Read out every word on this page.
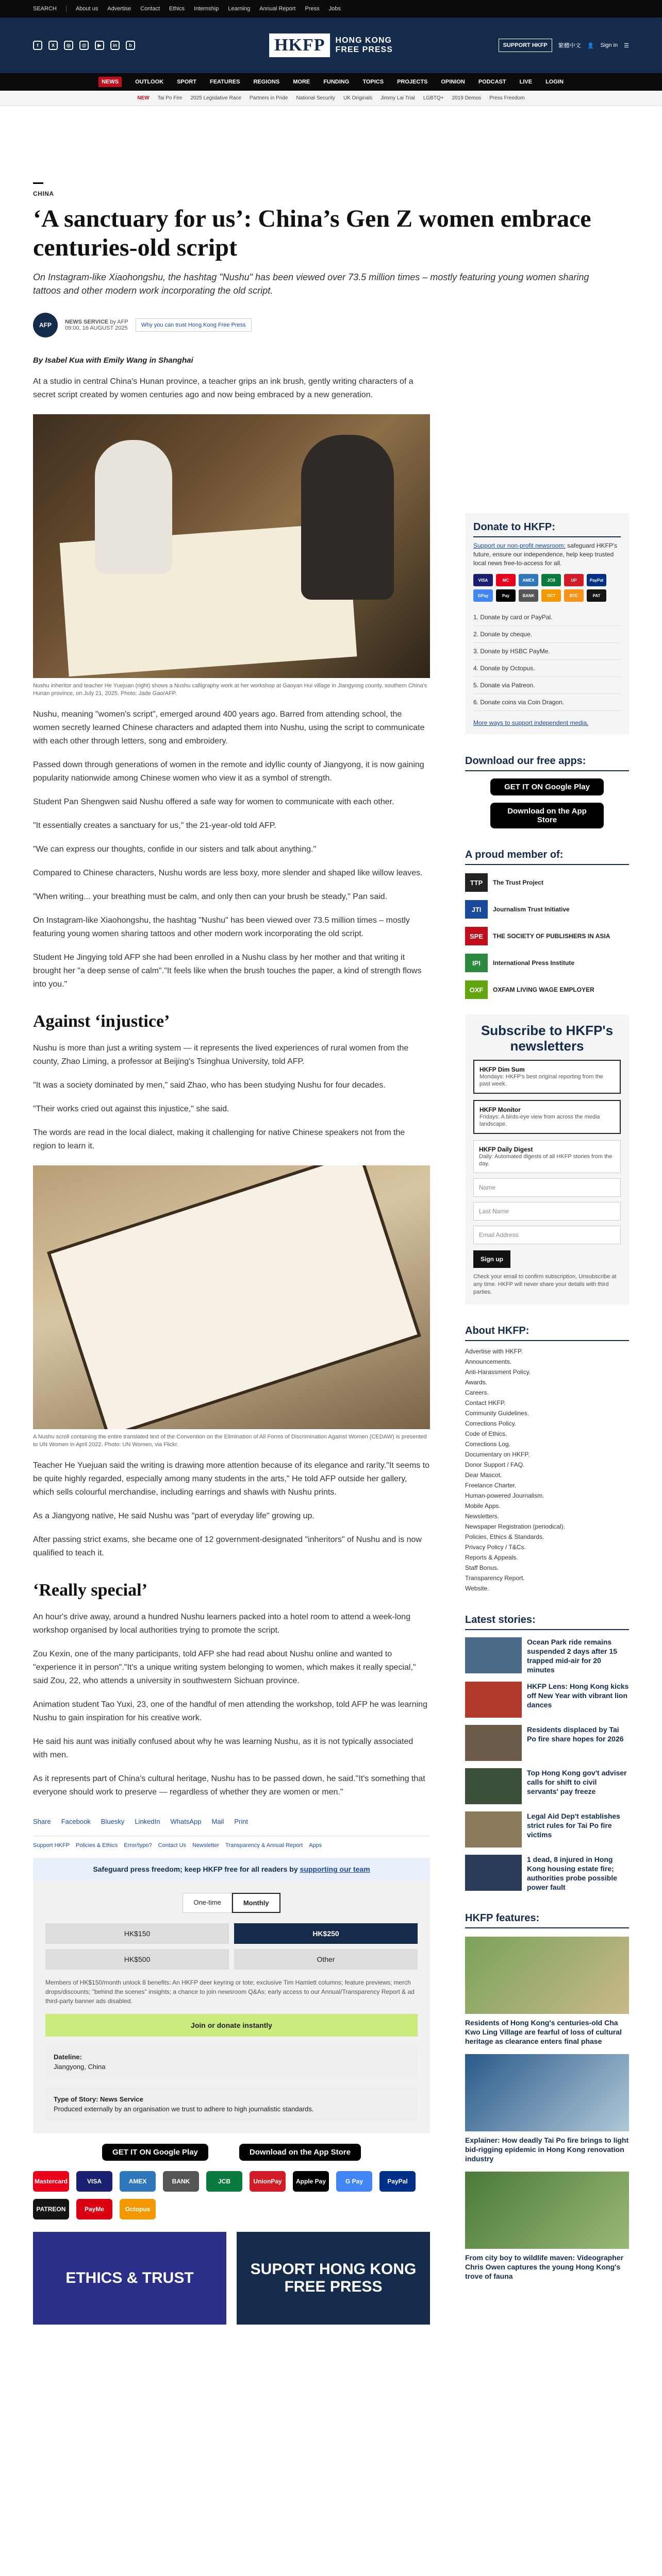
SEARCH	About us Advertise Contact Ethics Internship Learning Annual Report Press Jobs
f	X	◎	@	▶	in	b	HKFP	HONG KONG
FREE PRESS	SUPPORT HKFP	繁體中文 👤 Sign in ☰
NEWS	OUTLOOK SPORT FEATURES REGIONS MORE FUNDING TOPICS PROJECTS OPINION PODCAST LIVE LOGIN
NEW Tai Po Fire 2025 Legislative Race Partners in Pride National Security UK Originals Jimmy Lai Trial LGBTQ+ 2019 Demos Press Freedom
CHINA
‘A sanctuary for us’: China’s Gen Z women embrace centuries-old script
On Instagram-like Xiaohongshu, the hashtag "Nushu" has been viewed over 73.5 million times – mostly featuring young women sharing tattoos and other modern work incorporating the old script.
AFP	NEWS SERVICE by AFP
09:00, 16 AUGUST 2025	Why you can trust Hong Kong Free Press
By Isabel Kua with Emily Wang in Shanghai

At a studio in central China's Hunan province, a teacher grips an ink brush, gently writing characters of a secret script created by women centuries ago and now being embraced by a new generation.

Nushu inheritor and teacher He Yuejuan (right) shows a Nushu calligraphy work at her workshop at Gaoyan Hui village in Jiangyong county, southern China's Hunan province, on July 21, 2025. Photo: Jade Gao/AFP.

Nushu, meaning "women's script", emerged around 400 years ago. Barred from attending school, the women secretly learned Chinese characters and adapted them into Nushu, using the script to communicate with each other through letters, song and embroidery.

Passed down through generations of women in the remote and idyllic county of Jiangyong, it is now gaining popularity nationwide among Chinese women who view it as a symbol of strength.

Student Pan Shengwen said Nushu offered a safe way for women to communicate with each other.

"It essentially creates a sanctuary for us," the 21-year-old told AFP.

"We can express our thoughts, confide in our sisters and talk about anything."

Compared to Chinese characters, Nushu words are less boxy, more slender and shaped like willow leaves.

"When writing... your breathing must be calm, and only then can your brush be steady," Pan said.

On Instagram-like Xiaohongshu, the hashtag "Nushu" has been viewed over 73.5 million times – mostly featuring young women sharing tattoos and other modern work incorporating the old script.

Student He Jingying told AFP she had been enrolled in a Nushu class by her mother and that writing it brought her "a deep sense of calm"."It feels like when the brush touches the paper, a kind of strength flows into you."

Against ‘injustice’

Nushu is more than just a writing system — it represents the lived experiences of rural women from the county, Zhao Liming, a professor at Beijing's Tsinghua University, told AFP.

"It was a society dominated by men," said Zhao, who has been studying Nushu for four decades.

"Their works cried out against this injustice," she said.

The words are read in the local dialect, making it challenging for native Chinese speakers not from the region to learn it.

A Nushu scroll containing the entire translated text of the Convention on the Elimination of All Forms of Discrimination Against Women (CEDAW) is presented to UN Women in April 2022. Photo: UN Women, via Flickr.

Teacher He Yuejuan said the writing is drawing more attention because of its elegance and rarity."It seems to be quite highly regarded, especially among many students in the arts," He told AFP outside her gallery, which sells colourful merchandise, including earrings and shawls with Nushu prints.

As a Jiangyong native, He said Nushu was "part of everyday life" growing up.

After passing strict exams, she became one of 12 government-designated "inheritors" of Nushu and is now qualified to teach it.

‘Really special’

An hour's drive away, around a hundred Nushu learners packed into a hotel room to attend a week-long workshop organised by local authorities trying to promote the script.

Zou Kexin, one of the many participants, told AFP she had read about Nushu online and wanted to "experience it in person"."It's a unique writing system belonging to women, which makes it really special," said Zou, 22, who attends a university in southwestern Sichuan province.

Animation student Tao Yuxi, 23, one of the handful of men attending the workshop, told AFP he was learning Nushu to gain inspiration for his creative work.

He said his aunt was initially confused about why he was learning Nushu, as it is not typically associated with men.

As it represents part of China's cultural heritage, Nushu has to be passed down, he said."It's something that everyone should work to preserve — regardless of whether they are women or men."

Share Facebook Bluesky LinkedIn WhatsApp Mail Print
Support HKFP Policies & Ethics Error/typo? Contact Us Newsletter Transparency & Annual Report Apps
Safeguard press freedom; keep HKFP free for all readers by supporting our team
One-time	Monthly
HK$150	HK$250
HK$500	Other
Members of HK$150/month unlock 8 benefits: An HKFP deer keyring or tote; exclusive Tim Hamlett columns; feature previews; merch drops/discounts; "behind the scenes" insights; a chance to join newsroom Q&As; early access to our Annual/Transparency Report & ad third-party banner ads disabled.
Join or donate instantly
Dateline:
Jiangyong, China
Type of Story: News Service
Produced externally by an organisation we trust to adhere to high journalistic standards.
GET IT ON Google Play	Download on the App Store
Mastercard	VISA	AMEX	BANK	JCB	UnionPay	Apple Pay	G Pay	PayPal
PATREON	PayMe	Octopus
ETHICS & TRUST
SUPORT HONG KONG FREE PRESS
Donate to HKFP:

Support our non-profit newsroom: safeguard HKFP's future, ensure our independence, help keep trusted local news free-to-access for all.

VISA	MC	AMEX	JCB	UP	PayPal
GPay	Pay	BANK	OCT	BTC	PAT
1. Donate by card or PayPal.
2. Donate by cheque.
3. Donate by HSBC PayMe.
4. Donate by Octopus.
5. Donate via Patreon.
6. Donate coins via Coin Dragon.
More ways to support independent media.
Download our free apps:
GET IT ON Google Play
Download on the App Store
A proud member of:
TTP	The Trust Project
JTI	Journalism Trust Initiative
SPE	THE SOCIETY OF PUBLISHERS IN ASIA
IPI	International Press Institute
OXF	OXFAM LIVING WAGE EMPLOYER
Subscribe to HKFP's newsletters
HKFP Dim Sum
Mondays: HKFP's best original reporting from the past week.
HKFP Monitor
Fridays: A birds-eye view from across the media landscape.
HKFP Daily Digest
Daily: Automated digests of all HKFP stories from the day.
Name
Last Name
Email Address
Sign up
Check your email to confirm subscription, Unsubscribe at any time. HKFP will never share your details with third parties.
About HKFP:
Advertise with HKFP.
Announcements.
Anti-Harassment Policy.
Awards.
Careers.
Contact HKFP.
Community Guidelines.
Corrections Policy.
Code of Ethics.
Corrections Log.
Documentary on HKFP.
Donor Support / FAQ.
Dear Mascot.
Freelance Charter.
Human-powered Journalism.
Mobile Apps.
Newsletters.
Newspaper Registration (periodical).
Policies, Ethics & Standards.
Privacy Policy / T&Cs.
Reports & Appeals.
Staff Bonus.
Transparency Report.
Website.
Latest stories:
Ocean Park ride remains suspended 2 days after 15 trapped mid-air for 20 minutes
HKFP Lens: Hong Kong kicks off New Year with vibrant lion dances
Residents displaced by Tai Po fire share hopes for 2026
Top Hong Kong gov't adviser calls for shift to civil servants' pay freeze
Legal Aid Dep't establishes strict rules for Tai Po fire victims
1 dead, 8 injured in Hong Kong housing estate fire; authorities probe possible power fault
HKFP features:
Residents of Hong Kong's centuries-old Cha Kwo Ling Village are fearful of loss of cultural heritage as clearance enters final phase
Explainer: How deadly Tai Po fire brings to light bid-rigging epidemic in Hong Kong renovation industry
From city boy to wildlife maven: Videographer Chris Owen captures the young Hong Kong's trove of fauna
